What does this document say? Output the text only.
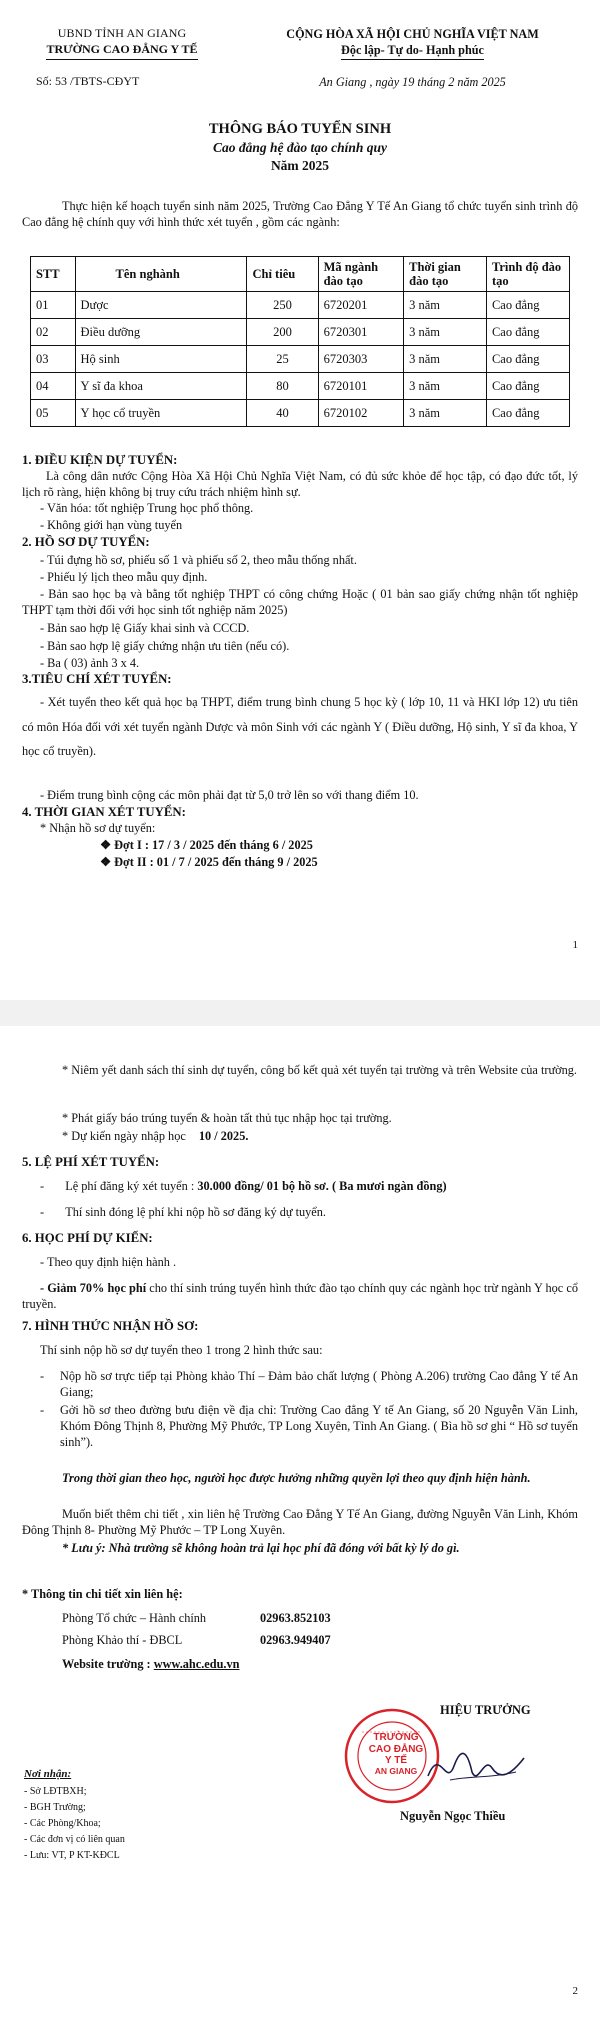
UBND TỈNH AN GIANG
TRƯỜNG CAO ĐẲNG Y TẾ
Số: 53 /TBTS-CĐYT
CỘNG HÒA XÃ HỘI CHỦ NGHĨA VIỆT NAM
Độc lập- Tự do- Hạnh phúc
An Giang , ngày 19 tháng 2 năm 2025
THÔNG BÁO TUYỂN SINH
Cao đẳng hệ đào tạo chính quy
Năm 2025
Thực hiện kế hoạch tuyển sinh năm 2025, Trường Cao Đẳng Y Tế An Giang tổ chức tuyển sinh trình độ Cao đẳng hệ chính quy với hình thức xét tuyển , gồm các ngành:
STT	Tên nghành	Chỉ tiêu	Mã ngành đào tạo	Thời gian đào tạo	Trình độ đào tạo
01	Dược	250	6720201	3 năm	Cao đẳng
02	Điều dưỡng	200	6720301	3 năm	Cao đẳng
03	Hộ sinh	25	6720303	3 năm	Cao đẳng
04	Y sĩ đa khoa	80	6720101	3 năm	Cao đẳng
05	Y học cổ truyền	40	6720102	3 năm	Cao đẳng
1. ĐIỀU KIỆN DỰ TUYỂN:
Là công dân nước Cộng Hòa Xã Hội Chủ Nghĩa Việt Nam, có đủ sức khỏe để học tập, có đạo đức tốt, lý lịch rõ ràng, hiện không bị truy cứu trách nhiệm hình sự.
- Văn hóa: tốt nghiệp Trung học phổ thông.
- Không giới hạn vùng tuyển
2. HỒ SƠ DỰ TUYỂN:
- Túi đựng hồ sơ, phiếu số 1 và phiếu số 2, theo mẫu thống nhất.
- Phiếu lý lịch theo mẫu quy định.
- Bản sao học bạ và bằng tốt nghiệp THPT có công chứng Hoặc ( 01 bản sao giấy chứng nhận tốt nghiệp THPT tạm thời đối với học sinh tốt nghiệp năm 2025)
- Bản sao hợp lệ Giấy khai sinh và CCCD.
- Bản sao hợp lệ giấy chứng nhận ưu tiên (nếu có).
- Ba ( 03) ảnh 3 x 4.
3.TIÊU CHÍ XÉT TUYỂN:
- Xét tuyển theo kết quả học bạ THPT, điểm trung bình chung 5 học kỳ ( lớp 10, 11 và HKI lớp 12) ưu tiên có môn Hóa đối với xét tuyển ngành Dược và môn Sinh với các ngành Y ( Điều dưỡng, Hộ sinh, Y sĩ đa khoa, Y học cổ truyền).
- Điểm trung bình cộng các môn phải đạt từ 5,0 trở lên so với thang điểm 10.
4. THỜI GIAN XÉT TUYỂN:
* Nhận hồ sơ dự tuyển:
❖ Đợt I : 17 / 3 / 2025 đến tháng 6 / 2025
❖ Đợt II : 01 / 7 / 2025 đến tháng 9 / 2025
1
* Niêm yết danh sách thí sinh dự tuyển, công bố kết quả xét tuyển tại trường và trên Website của trường.
* Phát giấy báo trúng tuyển & hoàn tất thủ tục nhập học tại trường.
* Dự kiến ngày nhập học 10 / 2025.
5. LỆ PHÍ XÉT TUYỂN:
- Lệ phí đăng ký xét tuyển : 30.000 đồng/ 01 bộ hồ sơ. ( Ba mươi ngàn đồng)
- Thí sinh đóng lệ phí khi nộp hồ sơ đăng ký dự tuyển.
6. HỌC PHÍ DỰ KIẾN:
- Theo quy định hiện hành .
- Giảm 70% học phí cho thí sinh trúng tuyển hình thức đào tạo chính quy các ngành học trừ ngành Y học cổ truyền.
7. HÌNH THỨC NHẬN HỒ SƠ:
Thí sinh nộp hồ sơ dự tuyển theo 1 trong 2 hình thức sau:
- Nộp hồ sơ trực tiếp tại Phòng khảo Thí – Đảm bảo chất lượng ( Phòng A.206) trường Cao đẳng Y tế An Giang;
- Gởi hồ sơ theo đường bưu điện về địa chỉ: Trường Cao đẳng Y tế An Giang, số 20 Nguyễn Văn Linh, Khóm Đông Thịnh 8, Phường Mỹ Phước, TP Long Xuyên, Tỉnh An Giang. ( Bìa hồ sơ ghi “ Hồ sơ tuyển sinh”).
Trong thời gian theo học, người học được hưởng những quyền lợi theo quy định hiện hành.
Muốn biết thêm chi tiết , xin liên hệ Trường Cao Đẳng Y Tế An Giang, đường Nguyễn Văn Linh, Khóm Đông Thịnh 8- Phường Mỹ Phước – TP Long Xuyên.
* Lưu ý: Nhà trường sẽ không hoàn trả lại học phí đã đóng với bất kỳ lý do gì.
* Thông tin chi tiết xin liên hệ:
Phòng Tổ chức – Hành chính	02963.852103
Phòng Khảo thí - ĐBCL	02963.949407
Website trường : www.ahc.edu.vn
HIỆU TRƯỞNG
TRƯỜNG
CAO ĐẲNG
Y TẾ
AN GIANG
Nguyễn Ngọc Thiều
Nơi nhận:
- Sở LĐTBXH;
- BGH Trường;
- Các Phòng/Khoa;
- Các đơn vị có liên quan
- Lưu: VT, P KT-KĐCL
2
